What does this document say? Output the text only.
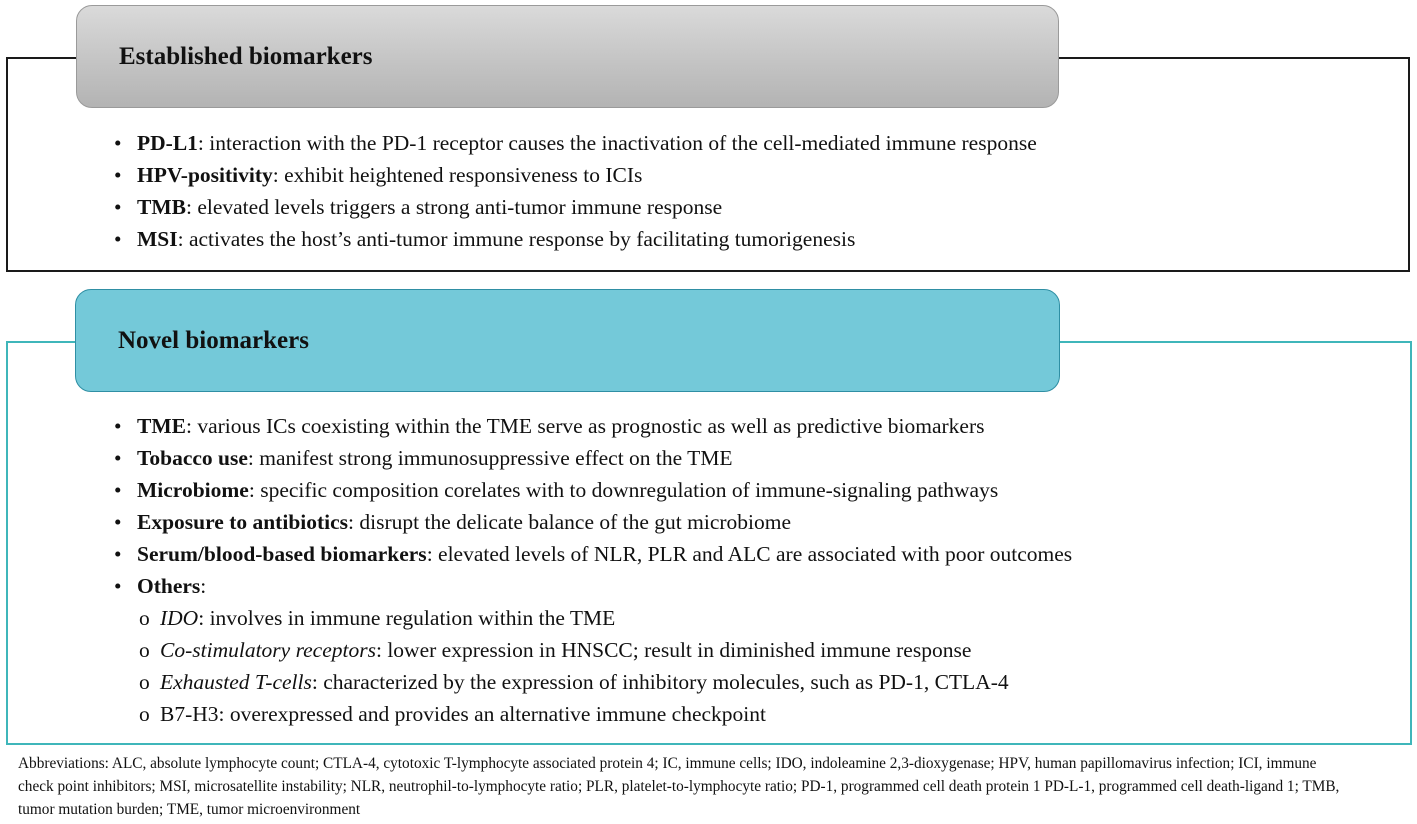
Established biomarkers
• PD-L1: interaction with the PD-1 receptor causes the inactivation of the cell-mediated immune response
• HPV-positivity: exhibit heightened responsiveness to ICIs
• TMB: elevated levels triggers a strong anti-tumor immune response
• MSI: activates the host’s anti-tumor immune response by facilitating tumorigenesis
Novel biomarkers
• TME: various ICs coexisting within the TME serve as prognostic as well as predictive biomarkers
• Tobacco use: manifest strong immunosuppressive effect on the TME
• Microbiome: specific composition corelates with to downregulation of immune-signaling pathways
• Exposure to antibiotics: disrupt the delicate balance of the gut microbiome
• Serum/blood-based biomarkers: elevated levels of NLR, PLR and ALC are associated with poor outcomes
• Others:
o IDO: involves in immune regulation within the TME
o Co-stimulatory receptors: lower expression in HNSCC; result in diminished immune response
o Exhausted T-cells: characterized by the expression of inhibitory molecules, such as PD-1, CTLA-4
o B7-H3: overexpressed and provides an alternative immune checkpoint

Abbreviations: ALC, absolute lymphocyte count; CTLA-4, cytotoxic T-lymphocyte associated protein 4; IC, immune cells; IDO, indoleamine 2,3-dioxygenase; HPV, human papillomavirus infection; ICI, immune check point inhibitors; MSI, microsatellite instability; NLR, neutrophil-to-lymphocyte ratio; PLR, platelet-to-lymphocyte ratio; PD-1, programmed cell death protein 1 PD-L-1, programmed cell death-ligand 1; TMB, tumor mutation burden; TME, tumor microenvironment
